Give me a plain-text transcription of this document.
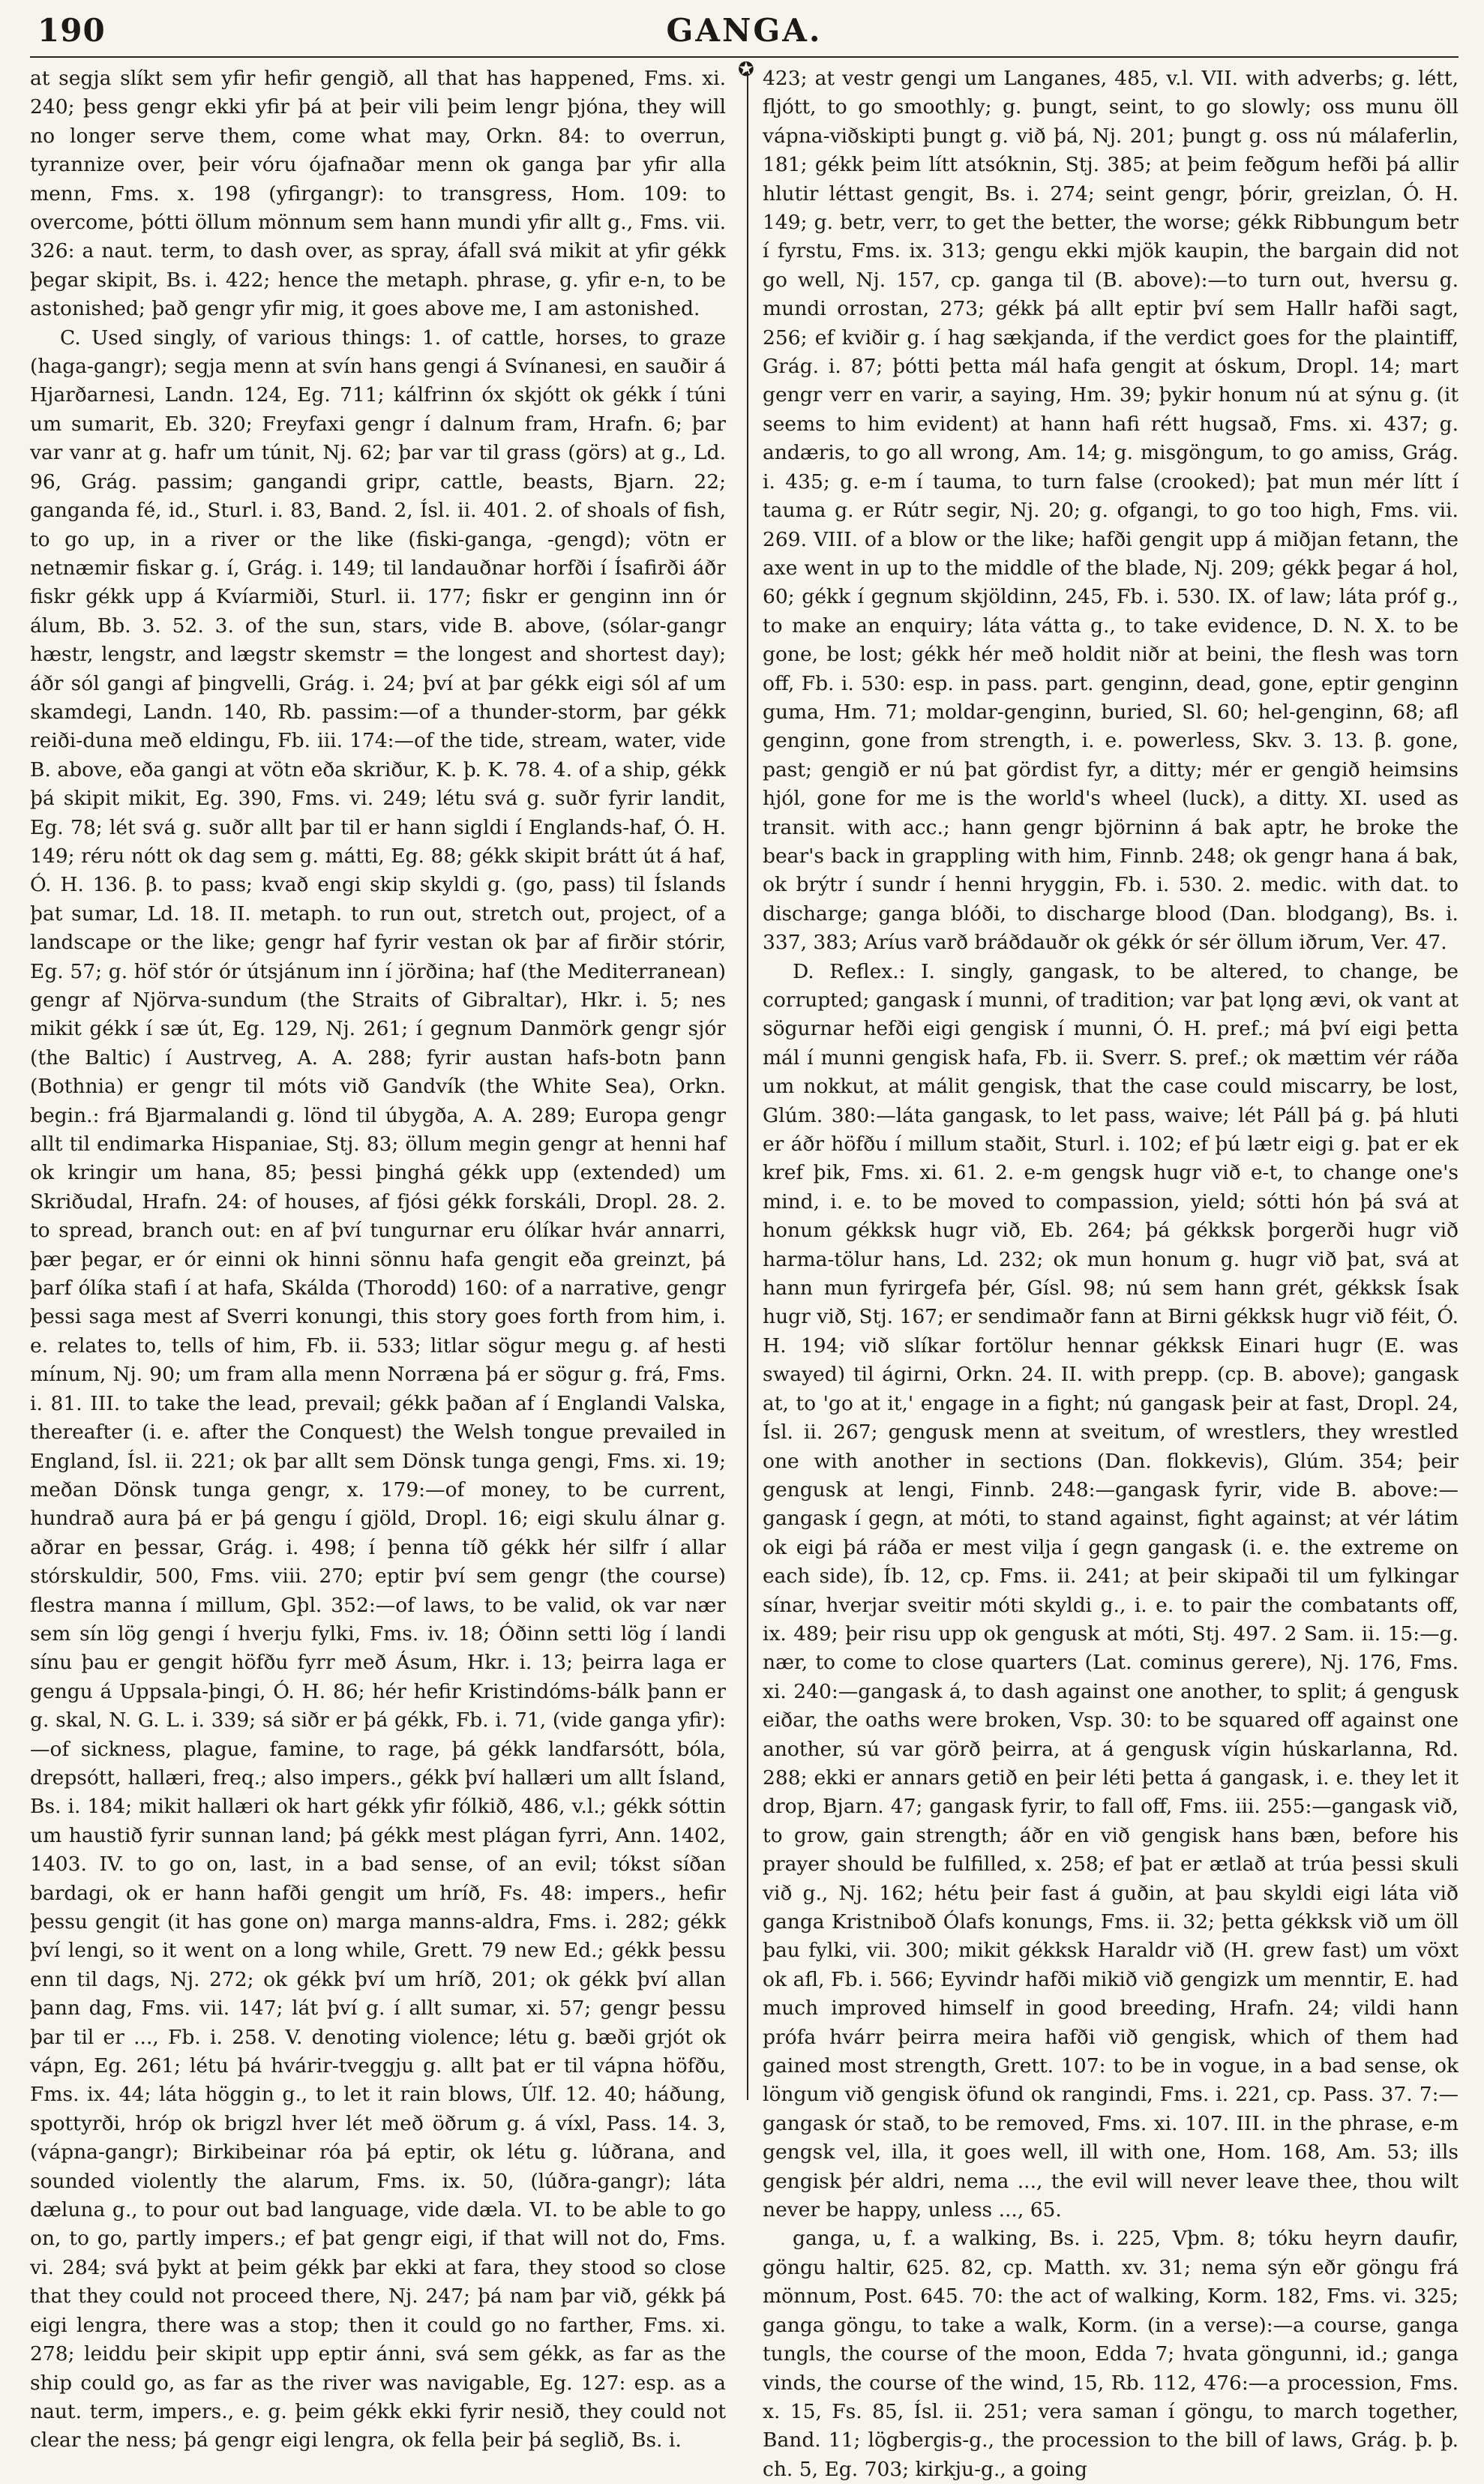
GANGA.
190
✪

at segja slíkt sem yfir hefir gengið, all that has happened, Fms. xi. 240; þess gengr ekki yfir þá at þeir vili þeim lengr þjóna, they will no longer serve them, come what may, Orkn. 84: to overrun, tyrannize over, þeir vóru ójafnaðar menn ok ganga þar yfir alla menn, Fms. x. 198 (yfirgangr): to transgress, Hom. 109: to overcome, þótti öllum mönnum sem hann mundi yfir allt g., Fms. vii. 326: a naut. term, to dash over, as spray, áfall svá mikit at yfir gékk þegar skipit, Bs. i. 422; hence the metaph. phrase, g. yfir e-n, to be astonished; það gengr yfir mig, it goes above me, I am astonished.

C. Used singly, of various things: 1. of cattle, horses, to graze (haga-gangr); segja menn at svín hans gengi á Svínanesi, en sauðir á Hjarðarnesi, Landn. 124, Eg. 711; kálfrinn óx skjótt ok gékk í túni um sumarit, Eb. 320; Freyfaxi gengr í dalnum fram, Hrafn. 6; þar var vanr at g. hafr um túnit, Nj. 62; þar var til grass (görs) at g., Ld. 96, Grág. passim; gangandi gripr, cattle, beasts, Bjarn. 22; ganganda fé, id., Sturl. i. 83, Band. 2, Ísl. ii. 401. 2. of shoals of fish, to go up, in a river or the like (fiski-ganga, -gengd); vötn er netnæmir fiskar g. í, Grág. i. 149; til landauðnar horfði í Ísafirði áðr fiskr gékk upp á Kvíarmiði, Sturl. ii. 177; fiskr er genginn inn ór álum, Bb. 3. 52. 3. of the sun, stars, vide B. above, (sólar-gangr hæstr, lengstr, and lægstr skemstr = the longest and shortest day); áðr sól gangi af þingvelli, Grág. i. 24; því at þar gékk eigi sól af um skamdegi, Landn. 140, Rb. passim:—of a thunder-storm, þar gékk reiði-duna með eldingu, Fb. iii. 174:—of the tide, stream, water, vide B. above, eða gangi at vötn eða skriður, K. þ. K. 78. 4. of a ship, gékk þá skipit mikit, Eg. 390, Fms. vi. 249; létu svá g. suðr fyrir landit, Eg. 78; lét svá g. suðr allt þar til er hann sigldi í Englands-haf, Ó. H. 149; réru nótt ok dag sem g. mátti, Eg. 88; gékk skipit brátt út á haf, Ó. H. 136. β. to pass; kvað engi skip skyldi g. (go, pass) til Íslands þat sumar, Ld. 18. II. metaph. to run out, stretch out, project, of a landscape or the like; gengr haf fyrir vestan ok þar af firðir stórir, Eg. 57; g. höf stór ór útsjánum inn í jörðina; haf (the Mediterranean) gengr af Njörva-sundum (the Straits of Gibraltar), Hkr. i. 5; nes mikit gékk í sæ út, Eg. 129, Nj. 261; í gegnum Danmörk gengr sjór (the Baltic) í Austrveg, A. A. 288; fyrir austan hafs-botn þann (Bothnia) er gengr til móts við Gandvík (the White Sea), Orkn. begin.: frá Bjarmalandi g. lönd til úbygða, A. A. 289; Europa gengr allt til endimarka Hispaniae, Stj. 83; öllum megin gengr at henni haf ok kringir um hana, 85; þessi þinghá gékk upp (extended) um Skriðudal, Hrafn. 24: of houses, af fjósi gékk forskáli, Dropl. 28. 2. to spread, branch out: en af því tungurnar eru ólíkar hvár annarri, þær þegar, er ór einni ok hinni sönnu hafa gengit eða greinzt, þá þarf ólíka stafi í at hafa, Skálda (Thorodd) 160: of a narrative, gengr þessi saga mest af Sverri konungi, this story goes forth from him, i. e. relates to, tells of him, Fb. ii. 533; litlar sögur megu g. af hesti mínum, Nj. 90; um fram alla menn Norræna þá er sögur g. frá, Fms. i. 81. III. to take the lead, prevail; gékk þaðan af í Englandi Valska, thereafter (i. e. after the Conquest) the Welsh tongue prevailed in England, Ísl. ii. 221; ok þar allt sem Dönsk tunga gengi, Fms. xi. 19; meðan Dönsk tunga gengr, x. 179:—of money, to be current, hundrað aura þá er þá gengu í gjöld, Dropl. 16; eigi skulu álnar g. aðrar en þessar, Grág. i. 498; í þenna tíð gékk hér silfr í allar stórskuldir, 500, Fms. viii. 270; eptir því sem gengr (the course) flestra manna í millum, Gþl. 352:—of laws, to be valid, ok var nær sem sín lög gengi í hverju fylki, Fms. iv. 18; Óðinn setti lög í landi sínu þau er gengit höfðu fyrr með Ásum, Hkr. i. 13; þeirra laga er gengu á Uppsala-þingi, Ó. H. 86; hér hefir Kristindóms-bálk þann er g. skal, N. G. L. i. 339; sá siðr er þá gékk, Fb. i. 71, (vide ganga yfir):—of sickness, plague, famine, to rage, þá gékk landfarsótt, bóla, drepsótt, hallæri, freq.; also impers., gékk því hallæri um allt Ísland, Bs. i. 184; mikit hallæri ok hart gékk yfir fólkið, 486, v.l.; gékk sóttin um haustið fyrir sunnan land; þá gékk mest plágan fyrri, Ann. 1402, 1403. IV. to go on, last, in a bad sense, of an evil; tókst síðan bardagi, ok er hann hafði gengit um hríð, Fs. 48: impers., hefir þessu gengit (it has gone on) marga manns-aldra, Fms. i. 282; gékk því lengi, so it went on a long while, Grett. 79 new Ed.; gékk þessu enn til dags, Nj. 272; ok gékk því um hríð, 201; ok gékk því allan þann dag, Fms. vii. 147; lát því g. í allt sumar, xi. 57; gengr þessu þar til er ..., Fb. i. 258. V. denoting violence; létu g. bæði grjót ok vápn, Eg. 261; létu þá hvárir-tveggju g. allt þat er til vápna höfðu, Fms. ix. 44; láta höggin g., to let it rain blows, Úlf. 12. 40; háðung, spottyrði, hróp ok brigzl hver lét með öðrum g. á víxl, Pass. 14. 3, (vápna-gangr); Birkibeinar róa þá eptir, ok létu g. lúðrana, and sounded violently the alarum, Fms. ix. 50, (lúðra-gangr); láta dæluna g., to pour out bad language, vide dæla. VI. to be able to go on, to go, partly impers.; ef þat gengr eigi, if that will not do, Fms. vi. 284; svá þykt at þeim gékk þar ekki at fara, they stood so close that they could not proceed there, Nj. 247; þá nam þar við, gékk þá eigi lengra, there was a stop; then it could go no farther, Fms. xi. 278; leiddu þeir skipit upp eptir ánni, svá sem gékk, as far as the ship could go, as far as the river was navigable, Eg. 127: esp. as a naut. term, impers., e. g. þeim gékk ekki fyrir nesið, they could not clear the ness; þá gengr eigi lengra, ok fella þeir þá seglið, Bs. i.

423; at vestr gengi um Langanes, 485, v.l. VII. with adverbs; g. létt, fljótt, to go smoothly; g. þungt, seint, to go slowly; oss munu öll vápna-viðskipti þungt g. við þá, Nj. 201; þungt g. oss nú málaferlin, 181; gékk þeim lítt atsóknin, Stj. 385; at þeim feðgum hefði þá allir hlutir léttast gengit, Bs. i. 274; seint gengr, þórir, greizlan, Ó. H. 149; g. betr, verr, to get the better, the worse; gékk Ribbungum betr í fyrstu, Fms. ix. 313; gengu ekki mjök kaupin, the bargain did not go well, Nj. 157, cp. ganga til (B. above):—to turn out, hversu g. mundi orrostan, 273; gékk þá allt eptir því sem Hallr hafði sagt, 256; ef kviðir g. í hag sækjanda, if the verdict goes for the plaintiff, Grág. i. 87; þótti þetta mál hafa gengit at óskum, Dropl. 14; mart gengr verr en varir, a saying, Hm. 39; þykir honum nú at sýnu g. (it seems to him evident) at hann hafi rétt hugsað, Fms. xi. 437; g. andæris, to go all wrong, Am. 14; g. misgöngum, to go amiss, Grág. i. 435; g. e-m í tauma, to turn false (crooked); þat mun mér lítt í tauma g. er Rútr segir, Nj. 20; g. ofgangi, to go too high, Fms. vii. 269. VIII. of a blow or the like; hafði gengit upp á miðjan fetann, the axe went in up to the middle of the blade, Nj. 209; gékk þegar á hol, 60; gékk í gegnum skjöldinn, 245, Fb. i. 530. IX. of law; láta próf g., to make an enquiry; láta vátta g., to take evidence, D. N. X. to be gone, be lost; gékk hér með holdit niðr at beini, the flesh was torn off, Fb. i. 530: esp. in pass. part. genginn, dead, gone, eptir genginn guma, Hm. 71; moldar-genginn, buried, Sl. 60; hel-genginn, 68; afl genginn, gone from strength, i. e. powerless, Skv. 3. 13. β. gone, past; gengið er nú þat gördist fyr, a ditty; mér er gengið heimsins hjól, gone for me is the world's wheel (luck), a ditty. XI. used as transit. with acc.; hann gengr björninn á bak aptr, he broke the bear's back in grappling with him, Finnb. 248; ok gengr hana á bak, ok brýtr í sundr í henni hryggin, Fb. i. 530. 2. medic. with dat. to discharge; ganga blóði, to discharge blood (Dan. blodgang), Bs. i. 337, 383; Aríus varð bráðdauðr ok gékk ór sér öllum iðrum, Ver. 47.

D. Reflex.: I. singly, gangask, to be altered, to change, be corrupted; gangask í munni, of tradition; var þat lǫng ævi, ok vant at sögurnar hefði eigi gengisk í munni, Ó. H. pref.; má því eigi þetta mál í munni gengisk hafa, Fb. ii. Sverr. S. pref.; ok mættim vér ráða um nokkut, at málit gengisk, that the case could miscarry, be lost, Glúm. 380:—láta gangask, to let pass, waive; lét Páll þá g. þá hluti er áðr höfðu í millum staðit, Sturl. i. 102; ef þú lætr eigi g. þat er ek kref þik, Fms. xi. 61. 2. e-m gengsk hugr við e-t, to change one's mind, i. e. to be moved to compassion, yield; sótti hón þá svá at honum gékksk hugr við, Eb. 264; þá gékksk þorgerði hugr við harma-tölur hans, Ld. 232; ok mun honum g. hugr við þat, svá at hann mun fyrirgefa þér, Gísl. 98; nú sem hann grét, gékksk Ísak hugr við, Stj. 167; er sendimaðr fann at Birni gékksk hugr við féit, Ó. H. 194; við slíkar fortölur hennar gékksk Einari hugr (E. was swayed) til ágirni, Orkn. 24. II. with prepp. (cp. B. above); gangask at, to 'go at it,' engage in a fight; nú gangask þeir at fast, Dropl. 24, Ísl. ii. 267; gengusk menn at sveitum, of wrestlers, they wrestled one with another in sections (Dan. flokkevis), Glúm. 354; þeir gengusk at lengi, Finnb. 248:—gangask fyrir, vide B. above:—gangask í gegn, at móti, to stand against, fight against; at vér látim ok eigi þá ráða er mest vilja í gegn gangask (i. e. the extreme on each side), Íb. 12, cp. Fms. ii. 241; at þeir skipaði til um fylkingar sínar, hverjar sveitir móti skyldi g., i. e. to pair the combatants off, ix. 489; þeir risu upp ok gengusk at móti, Stj. 497. 2 Sam. ii. 15:—g. nær, to come to close quarters (Lat. cominus gerere), Nj. 176, Fms. xi. 240:—gangask á, to dash against one another, to split; á gengusk eiðar, the oaths were broken, Vsp. 30: to be squared off against one another, sú var görð þeirra, at á gengusk vígin húskarlanna, Rd. 288; ekki er annars getið en þeir léti þetta á gangask, i. e. they let it drop, Bjarn. 47; gangask fyrir, to fall off, Fms. iii. 255:—gangask við, to grow, gain strength; áðr en við gengisk hans bæn, before his prayer should be fulfilled, x. 258; ef þat er ætlað at trúa þessi skuli við g., Nj. 162; hétu þeir fast á guðin, at þau skyldi eigi láta við ganga Kristniboð Ólafs konungs, Fms. ii. 32; þetta gékksk við um öll þau fylki, vii. 300; mikit gékksk Haraldr við (H. grew fast) um vöxt ok afl, Fb. i. 566; Eyvindr hafði mikið við gengizk um menntir, E. had much improved himself in good breeding, Hrafn. 24; vildi hann prófa hvárr þeirra meira hafði við gengisk, which of them had gained most strength, Grett. 107: to be in vogue, in a bad sense, ok löngum við gengisk öfund ok rangindi, Fms. i. 221, cp. Pass. 37. 7:—gangask ór stað, to be removed, Fms. xi. 107. III. in the phrase, e-m gengsk vel, illa, it goes well, ill with one, Hom. 168, Am. 53; ills gengisk þér aldri, nema ..., the evil will never leave thee, thou wilt never be happy, unless ..., 65.

ganga, u, f. a walking, Bs. i. 225, Vþm. 8; tóku heyrn daufir, göngu haltir, 625. 82, cp. Matth. xv. 31; nema sýn eðr göngu frá mönnum, Post. 645. 70: the act of walking, Korm. 182, Fms. vi. 325; ganga göngu, to take a walk, Korm. (in a verse):—a course, ganga tungls, the course of the moon, Edda 7; hvata göngunni, id.; ganga vinds, the course of the wind, 15, Rb. 112, 476:—a procession, Fms. x. 15, Fs. 85, Ísl. ii. 251; vera saman í göngu, to march together, Band. 11; lögbergis-g., the procession to the bill of laws, Grág. þ. þ. ch. 5, Eg. 703; kirkju-g., a going
